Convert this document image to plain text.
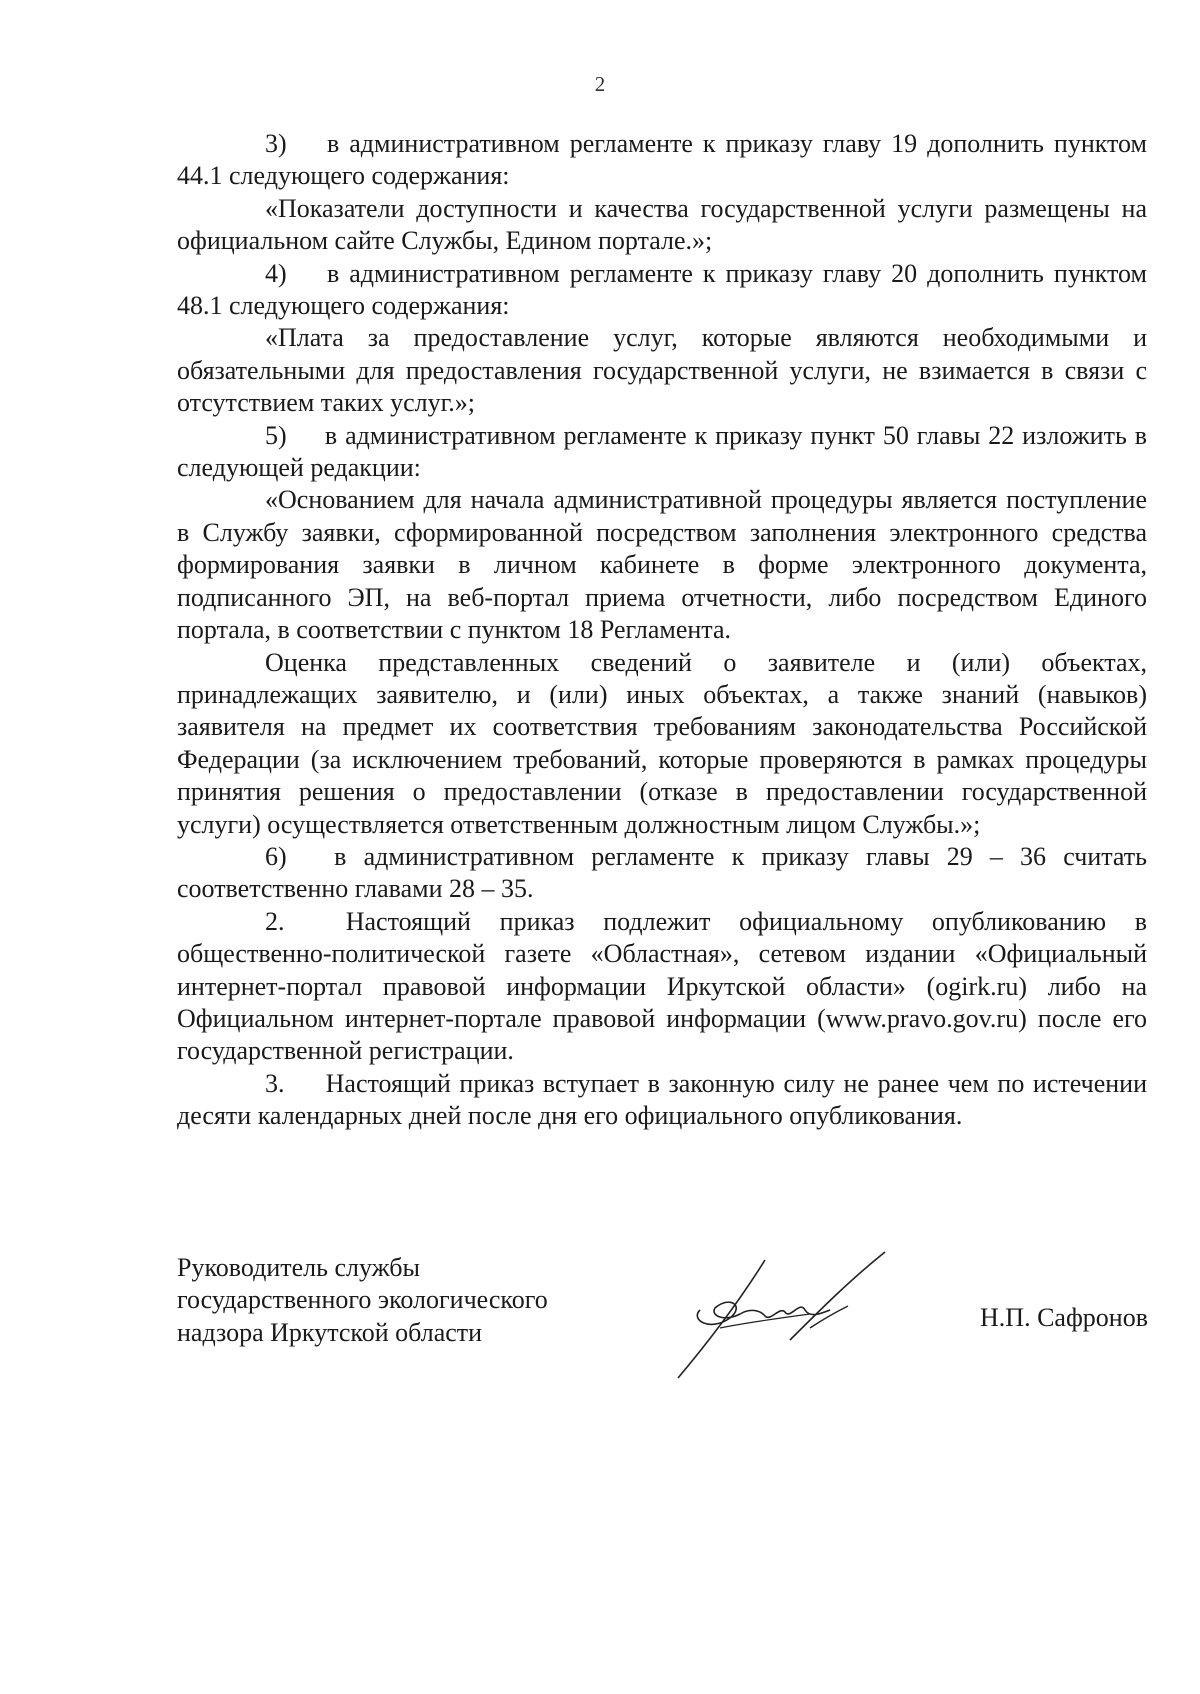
2

3) в административном регламенте к приказу главу 19 дополнить пунктом 44.1 следующего содержания:

«Показатели доступности и качества государственной услуги размещены на официальном сайте Службы, Едином портале.»;

4) в административном регламенте к приказу главу 20 дополнить пунктом 48.1 следующего содержания:

«Плата за предоставление услуг, которые являются необходимыми и обязательными для предоставления государственной услуги, не взимается в связи с отсутствием таких услуг.»;

5) в административном регламенте к приказу пункт 50 главы 22 изложить в следующей редакции:

«Основанием для начала административной процедуры является поступление в Службу заявки, сформированной посредством заполнения электронного средства формирования заявки в личном кабинете в форме электронного документа, подписанного ЭП, на веб-портал приема отчетности, либо посредством Единого портала, в соответствии с пунктом 18 Регламента.

Оценка представленных сведений о заявителе и (или) объектах, принадлежащих заявителю, и (или) иных объектах, а также знаний (навыков) заявителя на предмет их соответствия требованиям законодательства Российской Федерации (за исключением требований, которые проверяются в рамках процедуры принятия решения о предоставлении (отказе в предоставлении государственной услуги) осуществляется ответственным должностным лицом Службы.»;

6) в административном регламенте к приказу главы 29 – 36 считать соответственно главами 28 – 35.

2. Настоящий приказ подлежит официальному опубликованию в общественно-политической газете «Областная», сетевом издании «Официальный интернет-портал правовой информации Иркутской области» (ogirk.ru) либо на Официальном интернет-портале правовой информации (www.pravo.gov.ru) после его государственной регистрации.

3. Настоящий приказ вступает в законную силу не ранее чем по истечении десяти календарных дней после дня его официального опубликования.

Руководитель службы
государственного экологического
надзора Иркутской области
Н.П. Сафронов
